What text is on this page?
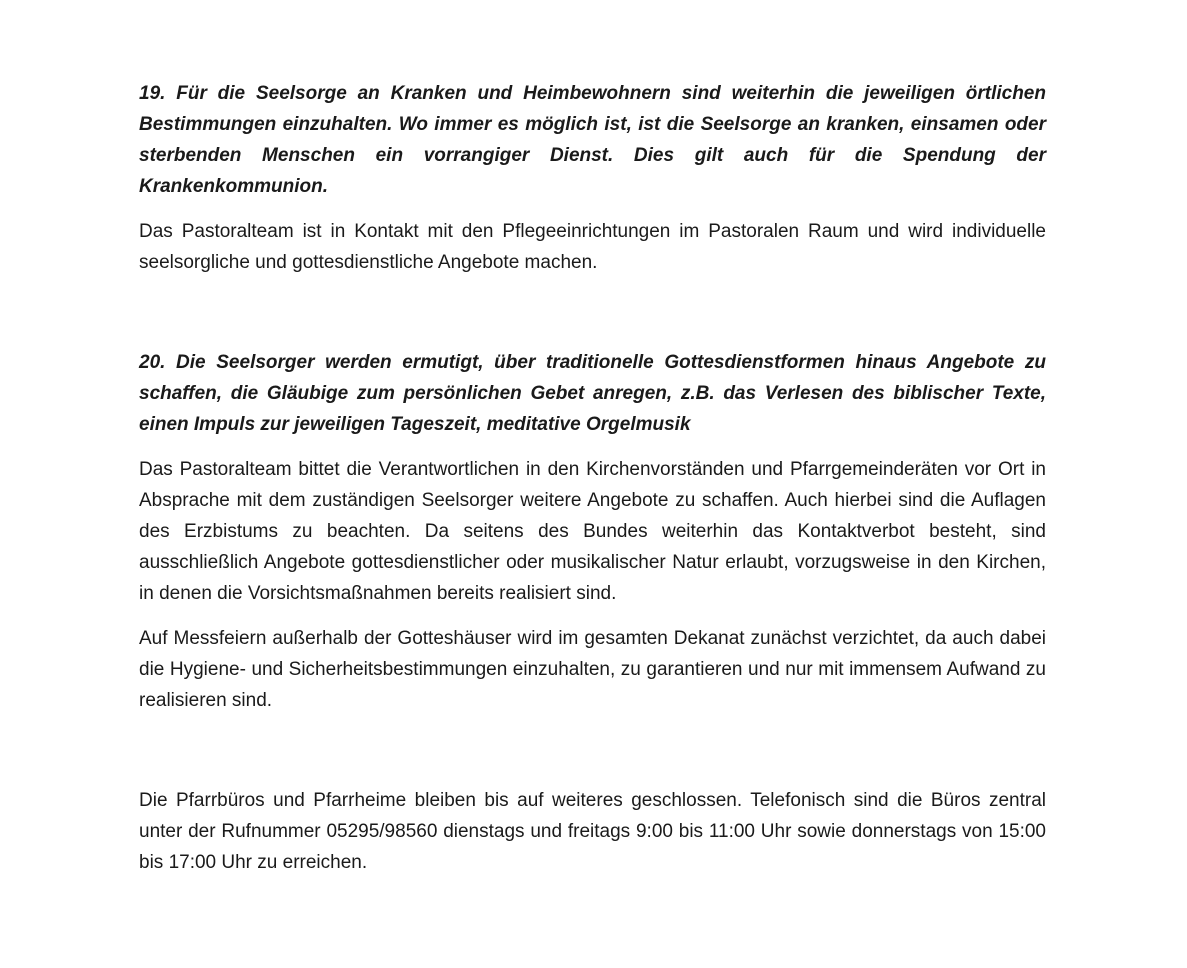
19. Für die Seelsorge an Kranken und Heimbewohnern sind weiterhin die jeweiligen örtlichen Bestimmungen einzuhalten. Wo immer es möglich ist, ist die Seelsorge an kranken, einsamen oder sterbenden Menschen ein vorrangiger Dienst. Dies gilt auch für die Spendung der Krankenkommunion.

Das Pastoralteam ist in Kontakt mit den Pflegeeinrichtungen im Pastoralen Raum und wird individuelle seelsorgliche und gottesdienstliche Angebote machen.

20. Die Seelsorger werden ermutigt, über traditionelle Gottesdienstformen hinaus Angebote zu schaffen, die Gläubige zum persönlichen Gebet anregen, z.B. das Verlesen des biblischer Texte, einen Impuls zur jeweiligen Tageszeit, meditative Orgelmusik

Das Pastoralteam bittet die Verantwortlichen in den Kirchenvorständen und Pfarrgemeinderäten vor Ort in Absprache mit dem zuständigen Seelsorger weitere Angebote zu schaffen. Auch hierbei sind die Auflagen des Erzbistums zu beachten. Da seitens des Bundes weiterhin das Kontaktverbot besteht, sind ausschließlich Angebote gottesdienstlicher oder musikalischer Natur erlaubt, vorzugsweise in den Kirchen, in denen die Vorsichtsmaßnahmen bereits realisiert sind.

Auf Messfeiern außerhalb der Gotteshäuser wird im gesamten Dekanat zunächst verzichtet, da auch dabei die Hygiene- und Sicherheitsbestimmungen einzuhalten, zu garantieren und nur mit immensem Aufwand zu realisieren sind.

Die Pfarrbüros und Pfarrheime bleiben bis auf weiteres geschlossen. Telefonisch sind die Büros zentral unter der Rufnummer 05295/98560 dienstags und freitags 9:00 bis 11:00 Uhr sowie donnerstags von 15:00 bis 17:00 Uhr zu erreichen.
